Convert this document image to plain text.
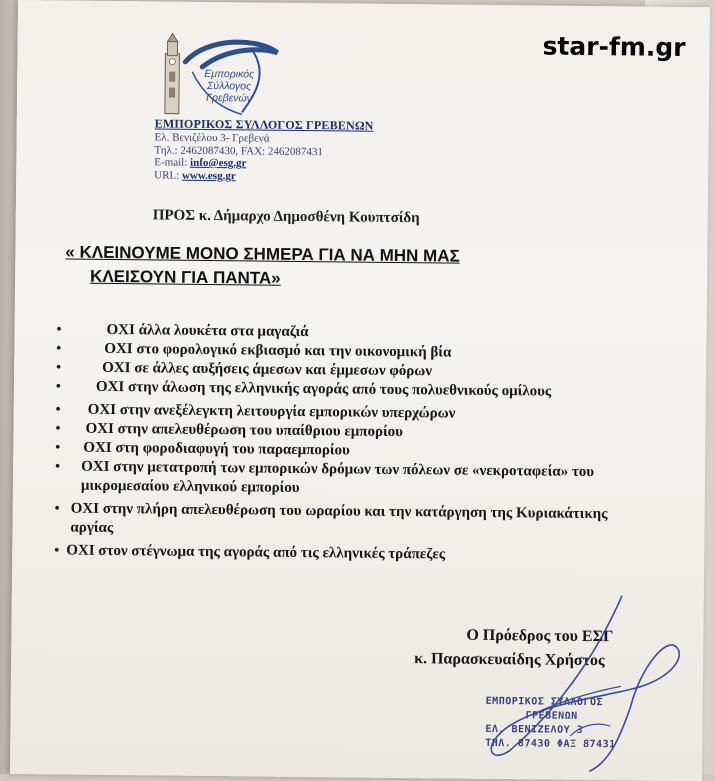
Εμπορικός
Σύλλογος
Γρεβενών
ΕΜΠΟΡΙΚΟΣ ΣΥΛΛΟΓΟΣ ΓΡΕΒΕΝΩΝ
Ελ. Βενιζέλου 3- Γρεβενά
Τηλ.: 2462087430, FAX: 2462087431
E-mail: info@esg.gr
URL: www.esg.gr
star-fm.gr
ΠΡΟΣ κ. Δήμαρχο Δημοσθένη Κουπτσίδη
« ΚΛΕΙΝΟΥΜΕ ΜΟΝΟ ΣΗΜΕΡΑ ΓΙΑ ΝΑ ΜΗΝ ΜΑΣ
ΚΛΕΙΣΟΥΝ ΓΙΑ ΠΑΝΤΑ»
• ΟΧΙ άλλα λουκέτα στα μαγαζιά
• ΟΧΙ στο φορολογικό εκβιασμό και την οικονομική βία
• ΟΧΙ σε άλλες αυξήσεις άμεσων και έμμεσων φόρων
• ΟΧΙ στην άλωση της ελληνικής αγοράς από τους πολυεθνικούς ομίλους
• ΟΧΙ στην ανεξέλεγκτη λειτουργία εμπορικών υπερχώρων
• ΟΧΙ στην απελευθέρωση του υπαίθριου εμπορίου
• ΟΧΙ στη φοροδιαφυγή του παραεμπορίου
• ΟΧΙ στην μετατροπή των εμπορικών δρόμων των πόλεων σε «νεκροταφεία» του μικρομεσαίου ελληνικού εμπορίου
• ΟΧΙ στην πλήρη απελευθέρωση του ωραρίου και την κατάργηση της Κυριακάτικης αργίας
• ΟΧΙ στον στέγνωμα της αγοράς από τις ελληνικές τράπεζες
Ο Πρόεδρος του ΕΣΓ
κ. Παρασκευαίδης Χρήστος
ΕΜΠΟΡΙΚΟΣ ΣΥΛΛΟΓΟΣ
ΓΡΕΒΕΝΩΝ
ΕΛ. ΒΕΝΙΖΕΛΟΥ 3
ΤΗΛ. 87430 ΦΑΞ 87431
